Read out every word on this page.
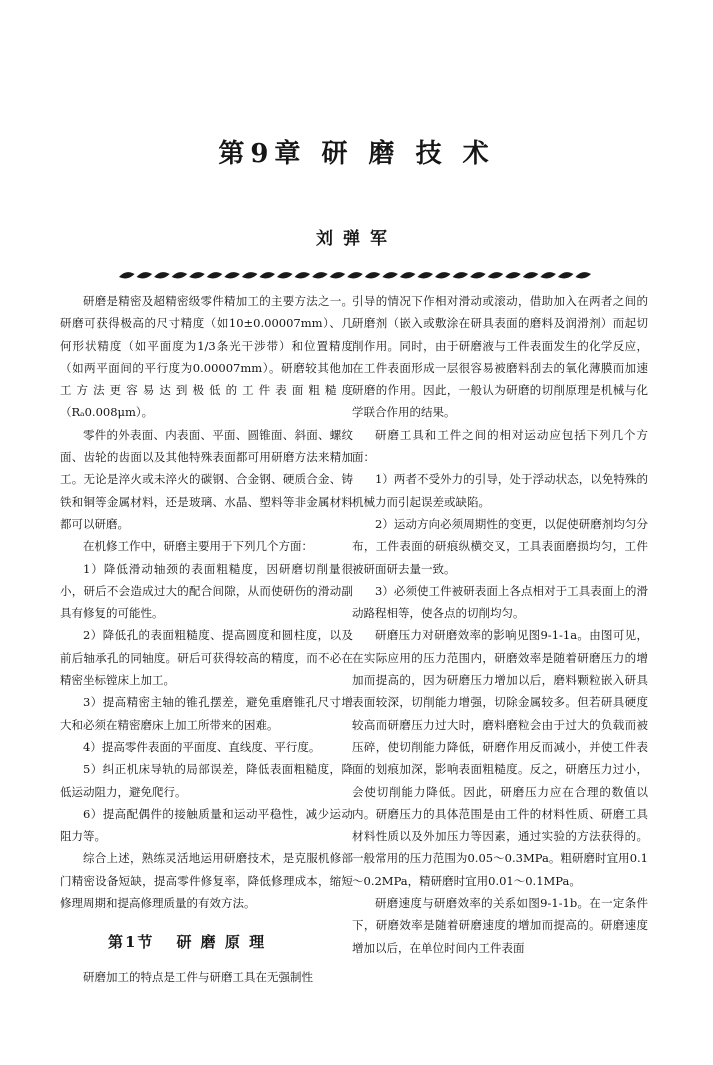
第9章 研 磨 技 术
刘弹军

研磨是精密及超精密级零件精加工的主要方法之一。研磨可获得极高的尺寸精度（如10±0.00007mm）、几何形状精度（如平面度为1/3条光干涉带）和位置精度（如两平面间的平行度为0.00007mm）。研磨较其他加工方法更容易达到极低的工件表面粗糙度（Rₐ0.008μm）。

零件的外表面、内表面、平面、圆锥面、斜面、螺纹面、齿轮的齿面以及其他特殊表面都可用研磨方法来精加工。无论是淬火或未淬火的碳钢、合金钢、硬质合金、铸铁和铜等金属材料，还是玻璃、水晶、塑料等非金属材料都可以研磨。

在机修工作中，研磨主要用于下列几个方面：

1）降低滑动轴颈的表面粗糙度，因研磨切削量很小，研后不会造成过大的配合间隙，从而使研伤的滑动副具有修复的可能性。

2）降低孔的表面粗糙度、提高圆度和圆柱度，以及前后轴承孔的同轴度。研后可获得较高的精度，而不必在精密坐标镗床上加工。

3）提高精密主轴的锥孔摆差，避免重磨锥孔尺寸增大和必须在精密磨床上加工所带来的困难。

4）提高零件表面的平面度、直线度、平行度。

5）纠正机床导轨的局部误差，降低表面粗糙度，降低运动阻力，避免爬行。

6）提高配偶件的接触质量和运动平稳性，减少运动阻力等。

综合上述，熟练灵活地运用研磨技术，是克服机修部门精密设备短缺，提高零件修复率，降低修理成本，缩短修理周期和提高修理质量的有效方法。

第1节 研 磨 原 理

研磨加工的特点是工件与研磨工具在无强制性

引导的情况下作相对滑动或滚动，借助加入在两者之间的研磨剂（嵌入或敷涂在研具表面的磨料及润滑剂）而起切削作用。同时，由于研磨液与工件表面发生的化学反应，在工件表面形成一层很容易被磨料刮去的氧化薄膜而加速研磨的作用。因此，一般认为研磨的切削原理是机械与化学联合作用的结果。

研磨工具和工件之间的相对运动应包括下列几个方面：

1）两者不受外力的引导，处于浮动状态，以免特殊的机械力而引起误差或缺陷。

2）运动方向必须周期性的变更，以促使研磨剂均匀分布，工件表面的研痕纵横交叉，工具表面磨损均匀，工件被研面研去量一致。

3）必须使工件被研表面上各点相对于工具表面上的滑动路程相等，使各点的切削均匀。

研磨压力对研磨效率的影响见图9-1-1a。由图可见，在实际应用的压力范围内，研磨效率是随着研磨压力的增加而提高的，因为研磨压力增加以后，磨料颗粒嵌入研具表面较深，切削能力增强，切除金属较多。但若研具硬度较高而研磨压力过大时，磨料磨粒会由于过大的负载而被压碎，使切削能力降低，研磨作用反而减小，并使工件表面的划痕加深，影响表面粗糙度。反之，研磨压力过小，会使切削能力降低。因此，研磨压力应在合理的数值以内。研磨压力的具体范围是由工件的材料性质、研磨工具材料性质以及外加压力等因素，通过实验的方法获得的。一般常用的压力范围为0.05～0.3MPa。粗研磨时宜用0.1～0.2MPa，精研磨时宜用0.01～0.1MPa。

研磨速度与研磨效率的关系如图9-1-1b。在一定条件下，研磨效率是随着研磨速度的增加而提高的。研磨速度增加以后，在单位时间内工件表面
